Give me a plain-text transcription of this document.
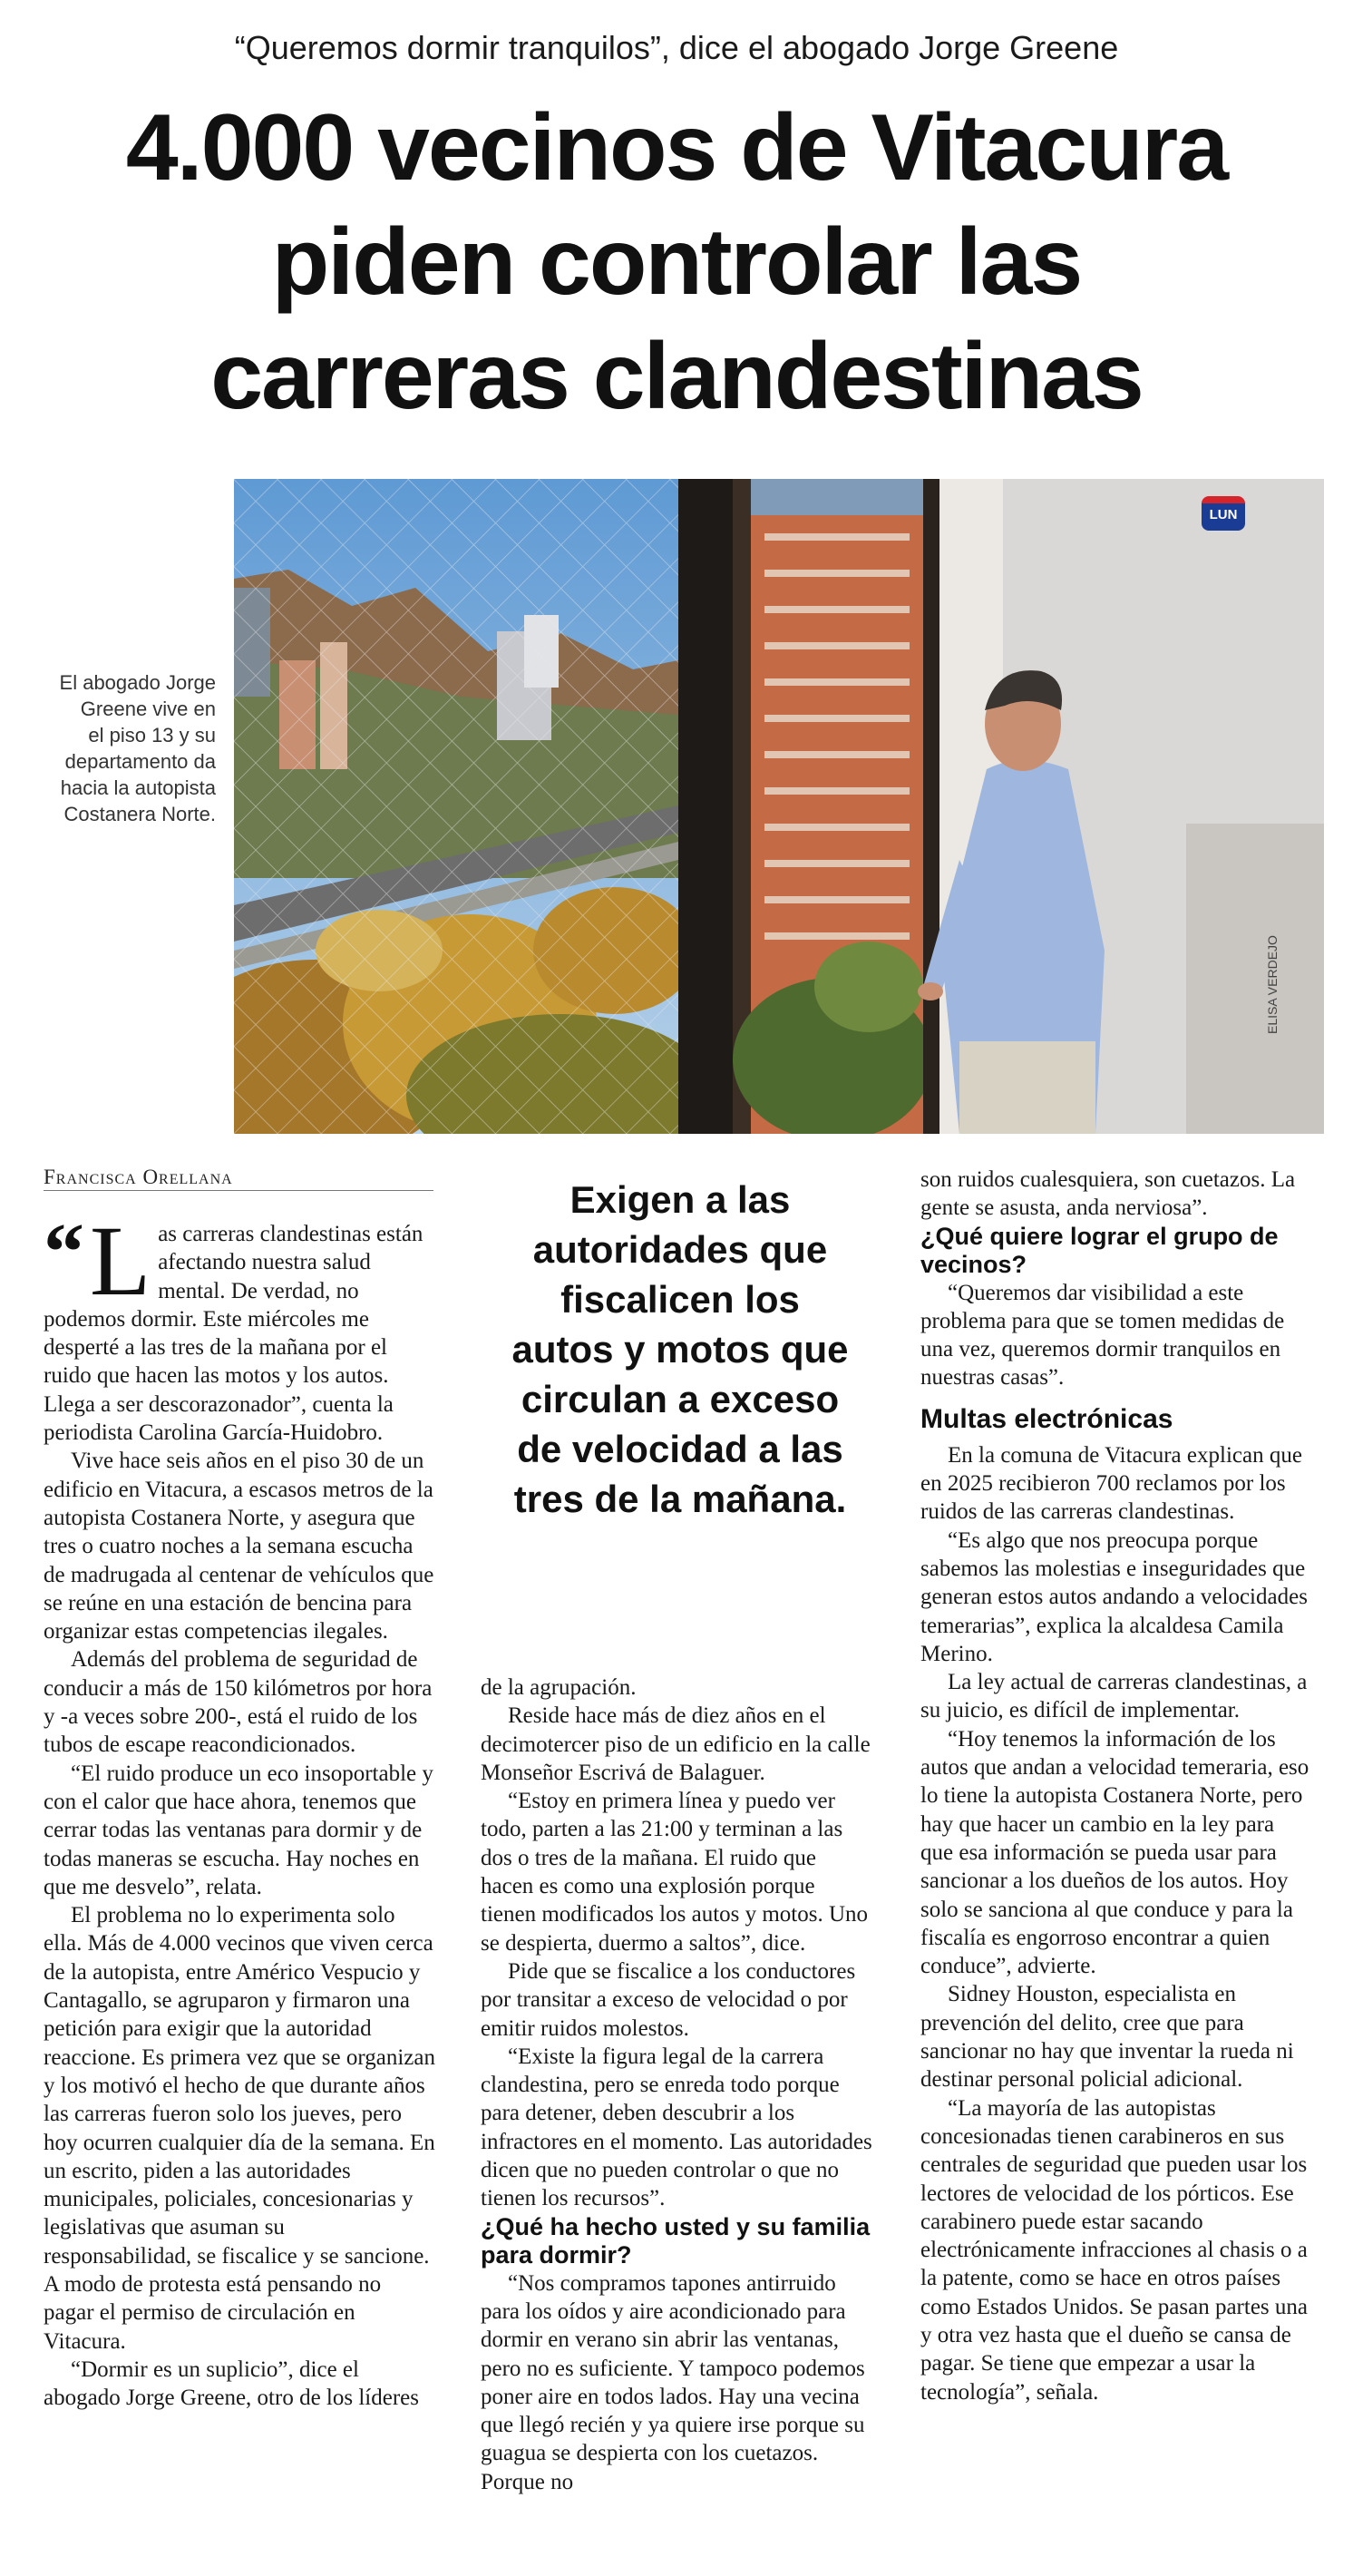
“Queremos dormir tranquilos”, dice el abogado Jorge Greene
4.000 vecinos de Vitacura
piden controlar las
carreras clandestinas
El abogado Jorge
Greene vive en
el piso 13 y su
departamento da
hacia la autopista
Costanera Norte.
LUN
ELISA VERDEJO
Francisca Orellana
Exigen a las
autoridades que
fiscalicen los
autos y motos que
circulan a exceso
de velocidad a las
tres de la mañana.
“ L as carreras clandestinas están afectando nuestra salud mental. De verdad, no podemos dormir. Este miércoles me desperté a las tres de la mañana por el ruido que hacen las motos y los autos. Llega a ser descorazonador”, cuenta la periodista Carolina García-Huidobro.

Vive hace seis años en el piso 30 de un edificio en Vitacura, a escasos metros de la autopista Costanera Norte, y asegura que tres o cuatro noches a la semana escucha de madrugada al centenar de vehículos que se reúne en una estación de bencina para organizar estas competencias ilegales.

Además del problema de seguridad de conducir a más de 150 kilómetros por hora y -a veces sobre 200-, está el ruido de los tubos de escape reacondicionados.

“El ruido produce un eco insoportable y con el calor que hace ahora, tenemos que cerrar todas las ventanas para dormir y de todas maneras se escucha. Hay noches en que me desvelo”, relata.

El problema no lo experimenta solo ella. Más de 4.000 vecinos que viven cerca de la autopista, entre Américo Vespucio y Cantagallo, se agruparon y firmaron una petición para exigir que la autoridad reaccione. Es primera vez que se organizan y los motivó el hecho de que durante años las carreras fueron solo los jueves, pero hoy ocurren cualquier día de la semana. En un escrito, piden a las autoridades municipales, policiales, concesionarias y legislativas que asuman su responsabilidad, se fiscalice y se sancione. A modo de protesta está pensando no pagar el permiso de circulación en Vitacura.

“Dormir es un suplicio”, dice el abogado Jorge Greene, otro de los líderes

de la agrupación.

Reside hace más de diez años en el decimotercer piso de un edificio en la calle Monseñor Escrivá de Balaguer.

“Estoy en primera línea y puedo ver todo, parten a las 21:00 y terminan a las dos o tres de la mañana. El ruido que hacen es como una explosión porque tienen modificados los autos y motos. Uno se despierta, duermo a saltos”, dice.

Pide que se fiscalice a los conductores por transitar a exceso de velocidad o por emitir ruidos molestos.

“Existe la figura legal de la carrera clandestina, pero se enreda todo porque para detener, deben descubrir a los infractores en el momento. Las autoridades dicen que no pueden controlar o que no tienen los recursos”.

¿Qué ha hecho usted y su familia para dormir?

“Nos compramos tapones antirruido para los oídos y aire acondicionado para dormir en verano sin abrir las ventanas, pero no es suficiente. Y tampoco podemos poner aire en todos lados. Hay una vecina que llegó recién y ya quiere irse porque su guagua se despierta con los cuetazos. Porque no

son ruidos cualesquiera, son cuetazos. La gente se asusta, anda nerviosa”.

¿Qué quiere lograr el grupo de vecinos?

“Queremos dar visibilidad a este problema para que se tomen medidas de una vez, queremos dormir tranquilos en nuestras casas”.

Multas electrónicas

En la comuna de Vitacura explican que en 2025 recibieron 700 reclamos por los ruidos de las carreras clandestinas.

“Es algo que nos preocupa porque sabemos las molestias e inseguridades que generan estos autos andando a velocidades temerarias”, explica la alcaldesa Camila Merino.

La ley actual de carreras clandestinas, a su juicio, es difícil de implementar.

“Hoy tenemos la información de los autos que andan a velocidad temeraria, eso lo tiene la autopista Costanera Norte, pero hay que hacer un cambio en la ley para que esa información se pueda usar para sancionar a los dueños de los autos. Hoy solo se sanciona al que conduce y para la fiscalía es engorroso encontrar a quien conduce”, advierte.

Sidney Houston, especialista en prevención del delito, cree que para sancionar no hay que inventar la rueda ni destinar personal policial adicional.

“La mayoría de las autopistas concesionadas tienen carabineros en sus centrales de seguridad que pueden usar los lectores de velocidad de los pórticos. Ese carabinero puede estar sacando electrónicamente infracciones al chasis o a la patente, como se hace en otros países como Estados Unidos. Se pasan partes una y otra vez hasta que el dueño se cansa de pagar. Se tiene que empezar a usar la tecnología”, señala.
